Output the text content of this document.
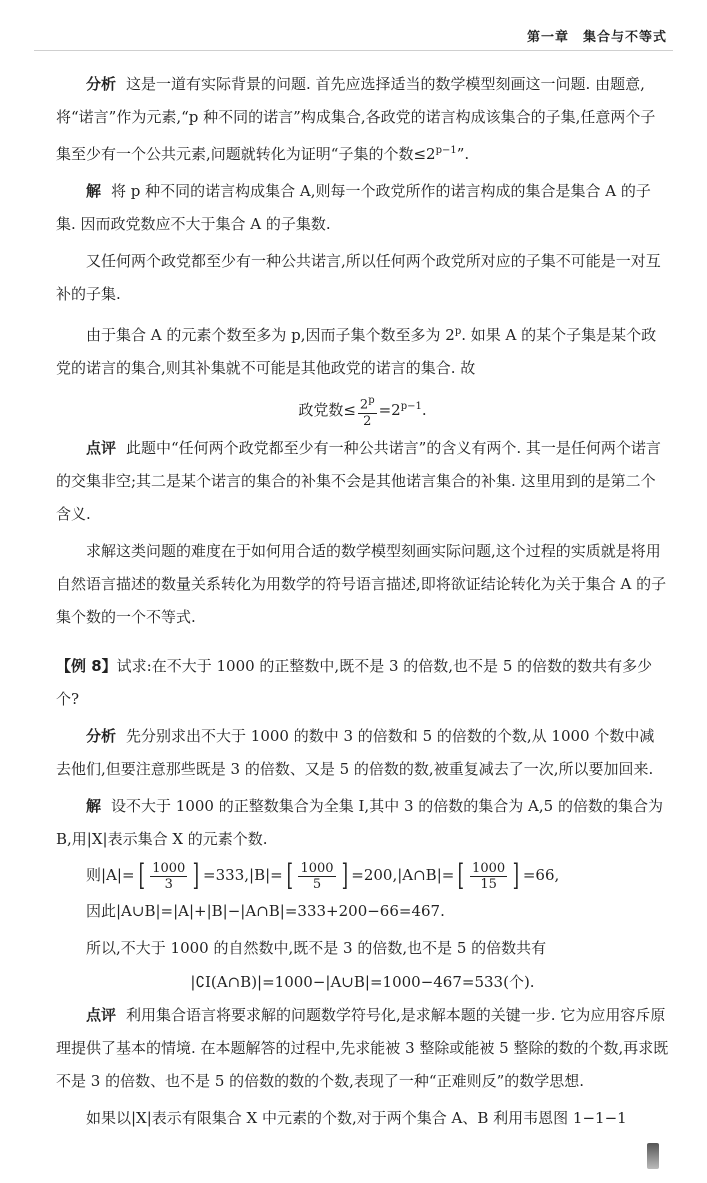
第一章　集合与不等式

分析 这是一道有实际背景的问题. 首先应选择适当的数学模型刻画这一问题. 由题意,将“诺言”作为元素,“p 种不同的诺言”构成集合,各政党的诺言构成该集合的子集,任意两个子集至少有一个公共元素,问题就转化为证明“子集的个数$\le 2^{p-1}$”.

解 将 p 种不同的诺言构成集合 A,则每一个政党所作的诺言构成的集合是集合 A 的子集. 因而政党数应不大于集合 A 的子集数.

又任何两个政党都至少有一种公共诺言,所以任何两个政党所对应的子集不可能是一对互补的子集.

由于集合 A 的元素个数至多为 p,因而子集个数至多为 2$^p$. 如果 A 的某个子集是某个政党的诺言的集合,则其补集就不可能是其他政党的诺言的集合. 故

政党数≤ $\frac{2^p}{2} =2^{p-1}$.

点评 此题中“任何两个政党都至少有一种公共诺言”的含义有两个. 其一是任何两个诺言的交集非空;其二是某个诺言的集合的补集不会是其他诺言集合的补集. 这里用到的是第二个含义.

求解这类问题的难度在于如何用合适的数学模型刻画实际问题,这个过程的实质就是将用自然语言描述的数量关系转化为用数学的符号语言描述,即将欲证结论转化为关于集合 A 的子集个数的一个不等式.

【例 8】试求:在不大于 1000 的正整数中,既不是 3 的倍数,也不是 5 的倍数的数共有多少个?

分析 先分别求出不大于 1000 的数中 3 的倍数和 5 的倍数的个数,从 1000 个数中减去他们,但要注意那些既是 3 的倍数、又是 5 的倍数的数,被重复减去了一次,所以要加回来.

解 设不大于 1000 的正整数集合为全集 I,其中 3 的倍数的集合为 A,5 的倍数的集合为 B,用|X|表示集合 X 的元素个数.

则|A|= [ $\frac{1000}{3}$ ] =333,|B|= [ $\frac{1000}{5}$ ] =200,|A∩B|= [ $\frac{1000}{15}$ ] =66,

因此|A∪B|=|A|+|B|−|A∩B|=333+200−66=467.

所以,不大于 1000 的自然数中,既不是 3 的倍数,也不是 5 的倍数共有

|∁I(A∩B)|=1000−|A∪B|=1000−467=533(个).

点评 利用集合语言将要求解的问题数学符号化,是求解本题的关键一步. 它为应用容斥原理提供了基本的情境. 在本题解答的过程中,先求能被 3 整除或能被 5 整除的数的个数,再求既不是 3 的倍数、也不是 5 的倍数的数的个数,表现了一种“正难则反”的数学思想.

如果以|X|表示有限集合 X 中元素的个数,对于两个集合 A、B 利用韦恩图 1−1−1
